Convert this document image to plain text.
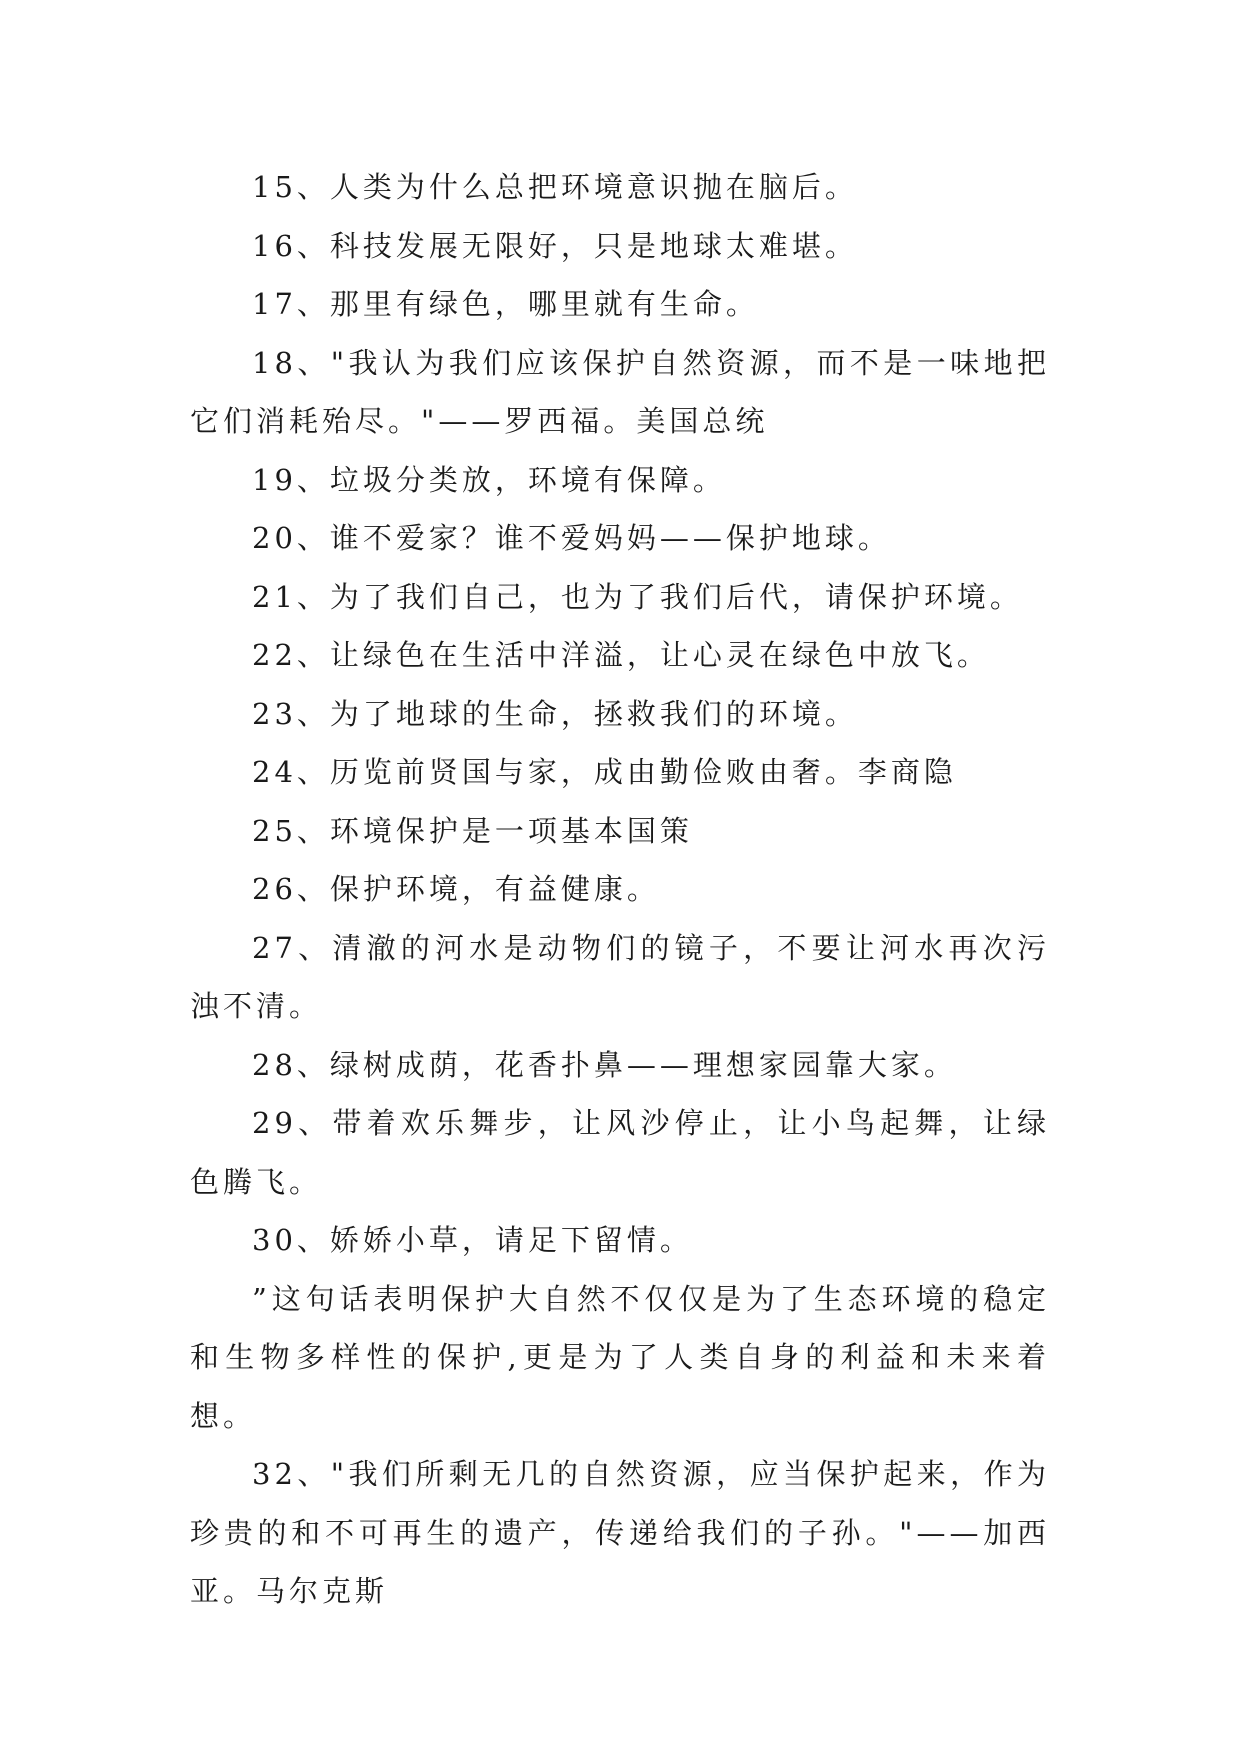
15、人类为什么总把环境意识抛在脑后。

16、科技发展无限好，只是地球太难堪。

17、那里有绿色，哪里就有生命。

18、"我认为我们应该保护自然资源，而不是一味地把它们消耗殆尽。"——罗西福。美国总统

19、垃圾分类放，环境有保障。

20、谁不爱家？谁不爱妈妈——保护地球。

21、为了我们自己，也为了我们后代，请保护环境。

22、让绿色在生活中洋溢，让心灵在绿色中放飞。

23、为了地球的生命，拯救我们的环境。

24、历览前贤国与家，成由勤俭败由奢。李商隐

25、环境保护是一项基本国策

26、保护环境，有益健康。

27、清澈的河水是动物们的镜子，不要让河水再次污浊不清。

28、绿树成荫，花香扑鼻——理想家园靠大家。

29、带着欢乐舞步，让风沙停止，让小鸟起舞，让绿色腾飞。

30、娇娇小草，请足下留情。

”这句话表明保护大自然不仅仅是为了生态环境的稳定和生物多样性的保护,更是为了人类自身的利益和未来着想。

32、"我们所剩无几的自然资源，应当保护起来，作为珍贵的和不可再生的遗产，传递给我们的子孙。"——加西亚。马尔克斯
